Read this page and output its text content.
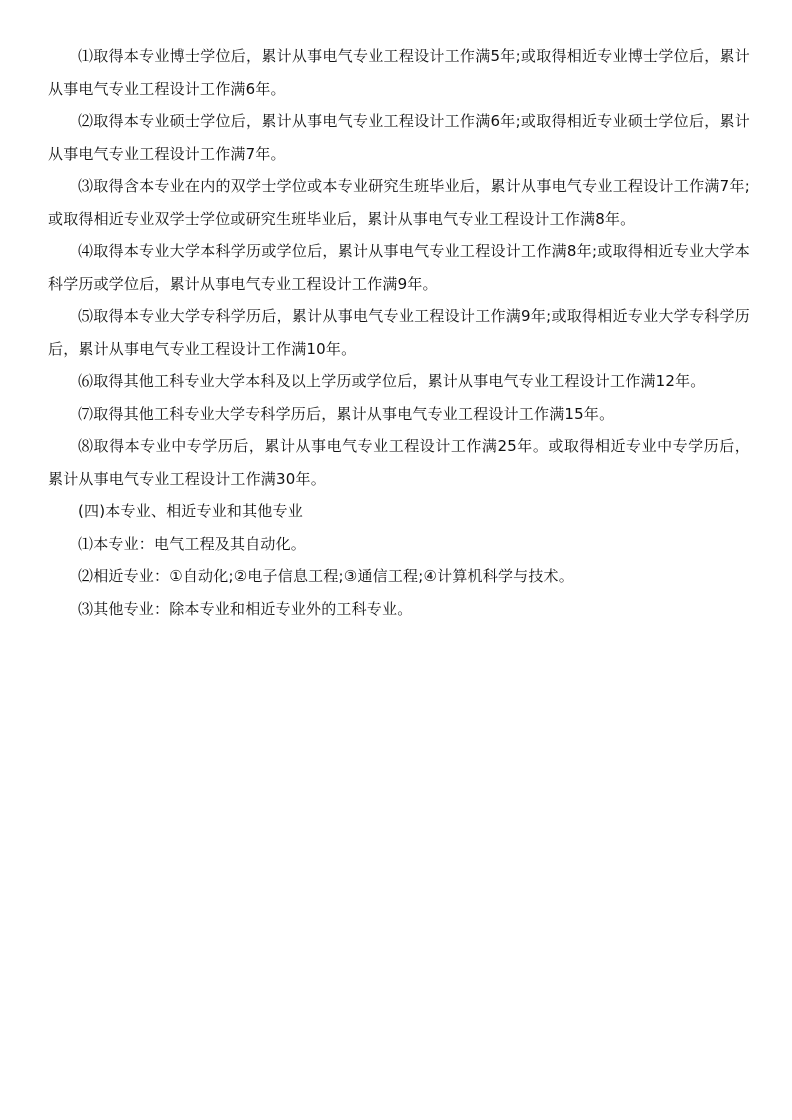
⑴取得本专业博士学位后，累计从事电气专业工程设计工作满5年;或取得相近专业博士学位后，累计从事电气专业工程设计工作满6年。

⑵取得本专业硕士学位后，累计从事电气专业工程设计工作满6年;或取得相近专业硕士学位后，累计从事电气专业工程设计工作满7年。

⑶取得含本专业在内的双学士学位或本专业研究生班毕业后，累计从事电气专业工程设计工作满7年;或取得相近专业双学士学位或研究生班毕业后，累计从事电气专业工程设计工作满8年。

⑷取得本专业大学本科学历或学位后，累计从事电气专业工程设计工作满8年;或取得相近专业大学本科学历或学位后，累计从事电气专业工程设计工作满9年。

⑸取得本专业大学专科学历后，累计从事电气专业工程设计工作满9年;或取得相近专业大学专科学历后，累计从事电气专业工程设计工作满10年。

⑹取得其他工科专业大学本科及以上学历或学位后，累计从事电气专业工程设计工作满12年。

⑺取得其他工科专业大学专科学历后，累计从事电气专业工程设计工作满15年。

⑻取得本专业中专学历后，累计从事电气专业工程设计工作满25年。或取得相近专业中专学历后，累计从事电气专业工程设计工作满30年。

(四)本专业、相近专业和其他专业

⑴本专业：电气工程及其自动化。

⑵相近专业：①自动化;②电子信息工程;③通信工程;④计算机科学与技术。

⑶其他专业：除本专业和相近专业外的工科专业。
